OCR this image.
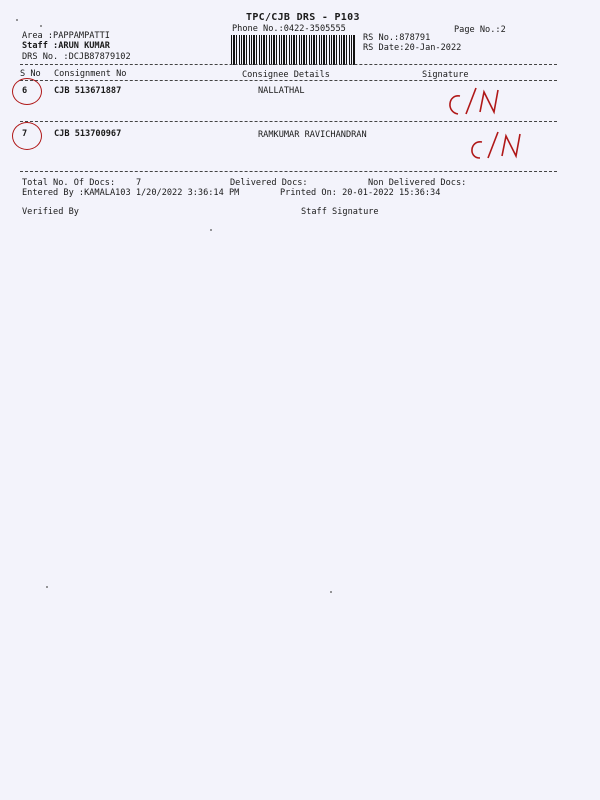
TPC/CJB DRS - P103
Phone No.:0422-3505555	Page No.:2
Area :PAPPAMPATTI
Staff :ARUN KUMAR
DRS No. :DCJB87879102
RS No.:878791
RS Date:20-Jan-2022
S No Consignment No	Consignee Details	Signature
6	CJB 513671887	NALLATHAL
7	CJB 513700967	RAMKUMAR RAVICHANDRAN
Total No. Of Docs: 7	Delivered Docs:	Non Delivered Docs:
Entered By :KAMALA103 1/20/2022 3:36:14 PM	Printed On: 20-01-2022 15:36:34
Verified By	Staff Signature
